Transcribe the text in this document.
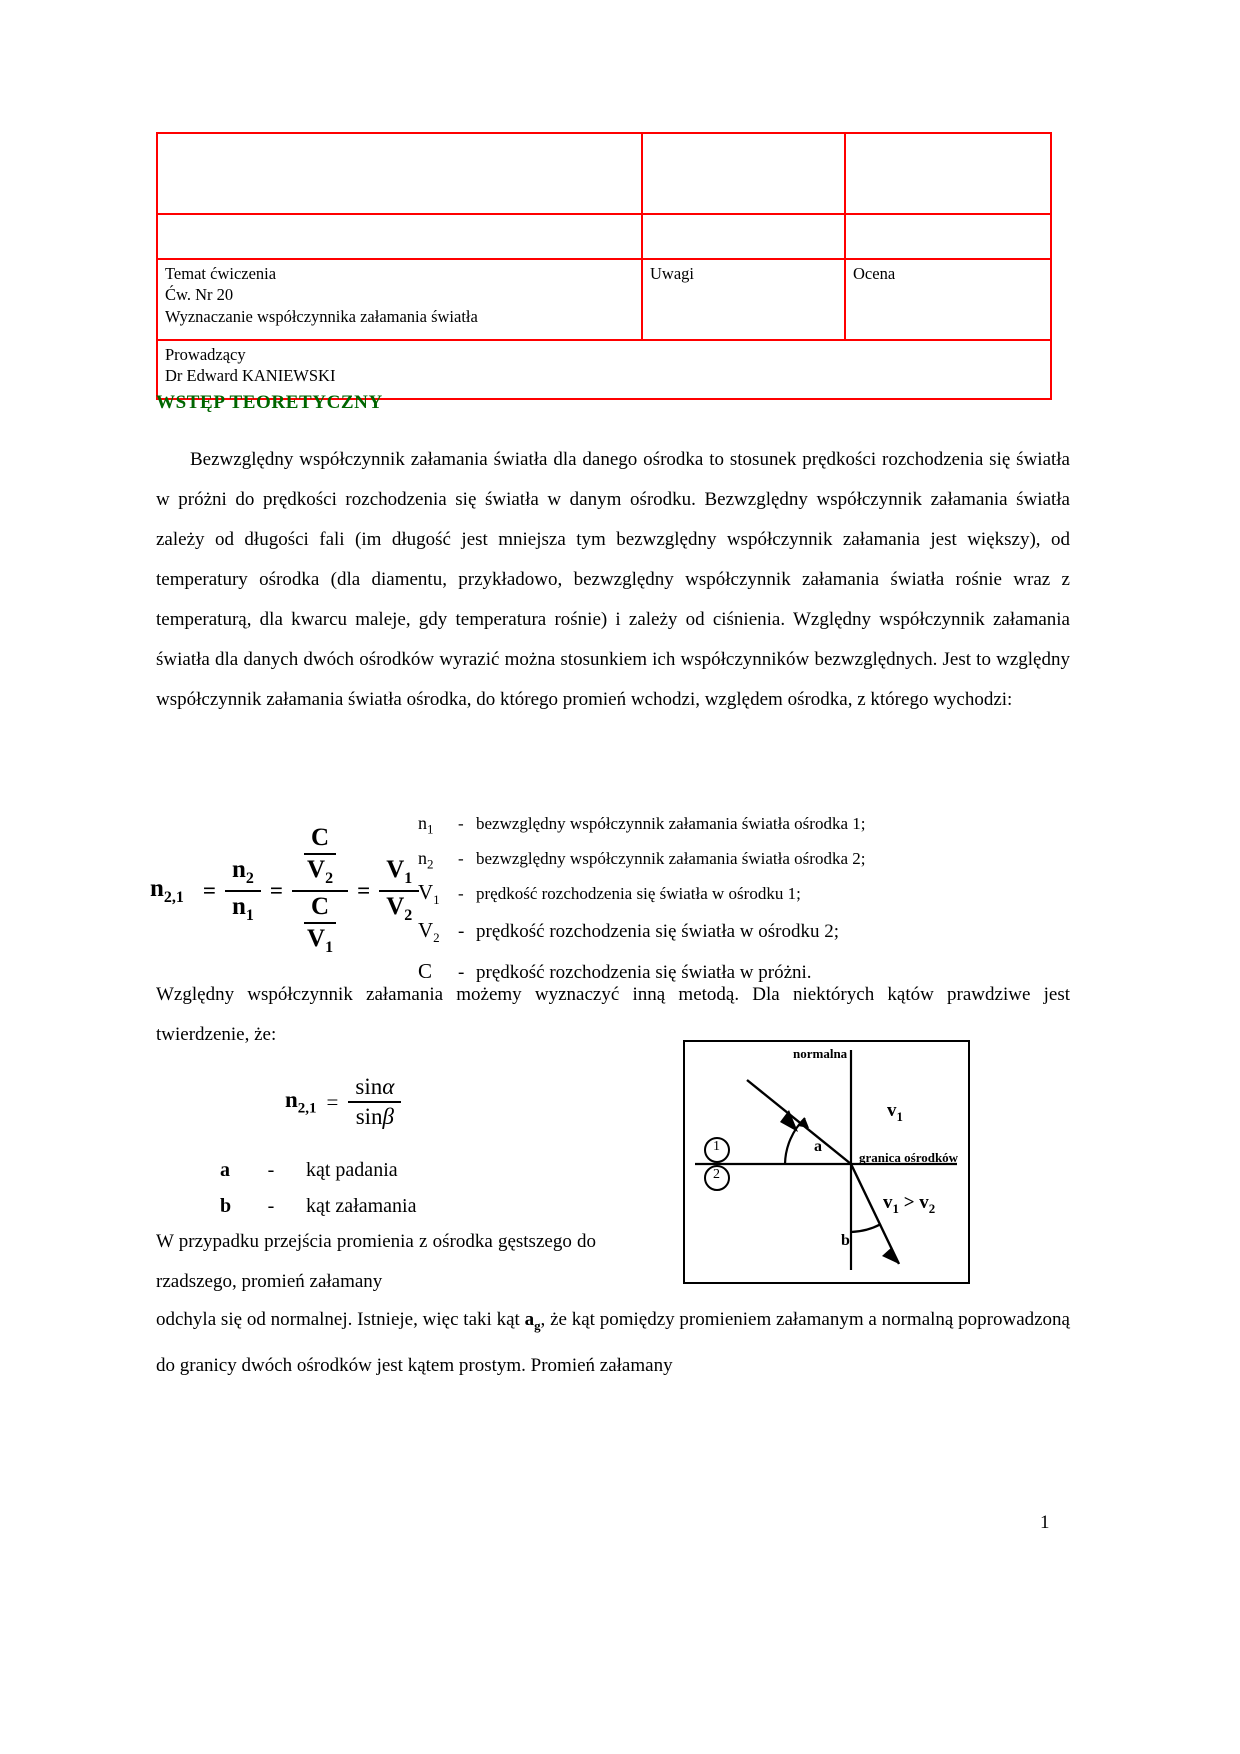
Temat ćwiczenia
Ćw. Nr 20
Wyznaczanie współczynnika załamania światła	Uwagi	Ocena

Prowadzący
Dr Edward KANIEWSKI		
WSTĘP TEORETYCZNY

Bezwzględny współczynnik załamania światła dla danego ośrodka to stosunek prędkości rozchodzenia się światła w próżni do prędkości rozchodzenia się światła w danym ośrodku. Bezwzględny współczynnik załamania światła zależy od długości fali (im długość jest mniejsza tym bezwzględny współczynnik załamania jest większy), od temperatury ośrodka (dla diamentu, przykładowo, bezwzględny współczynnik załamania światła rośnie wraz z temperaturą, dla kwarcu maleje, gdy temperatura rośnie) i zależy od ciśnienia. Względny współczynnik załamania światła dla danych dwóch ośrodków wyrazić można stosunkiem ich współczynników bezwzględnych. Jest to względny współczynnik załamania światła ośrodka, do którego promień wchodzi, względem ośrodka, z którego wychodzi:

$n_{2,1} = \frac{n_2}{n_1} = \frac{\frac{C}{V_2}}{\frac{C}{V_1}} = \frac{V_1}{V_2}$
$n_1$	- bezwzględny współczynnik załamania światła ośrodka 1;
$n_2$	- bezwzględny współczynnik załamania światła ośrodka 2;
$V_1$	- prędkość rozchodzenia się światła w ośrodku 1;
$V_2$ - prędkość rozchodzenia się światła w ośrodku 2;
C	- prędkość rozchodzenia się światła w próżni.

Względny współczynnik załamania możemy wyznaczyć inną metodą. Dla niektórych kątów prawdziwe jest twierdzenie, że:

$n_{2,1} = \frac{\sin\alpha}{\sin\beta}$
a	-	kąt padania
b	-	kąt załamania

W przypadku przejścia promienia z ośrodka gęstszego do rzadszego, promień załamany

normalna
$v_1$
granica ośrodków
$v_1 > v_2$
a
b
1
2

odchyla się od normalnej. Istnieje, więc taki kąt $a_g$, że kąt pomiędzy promieniem załamanym a normalną poprowadzoną do granicy dwóch ośrodków jest kątem prostym. Promień załamany

1
